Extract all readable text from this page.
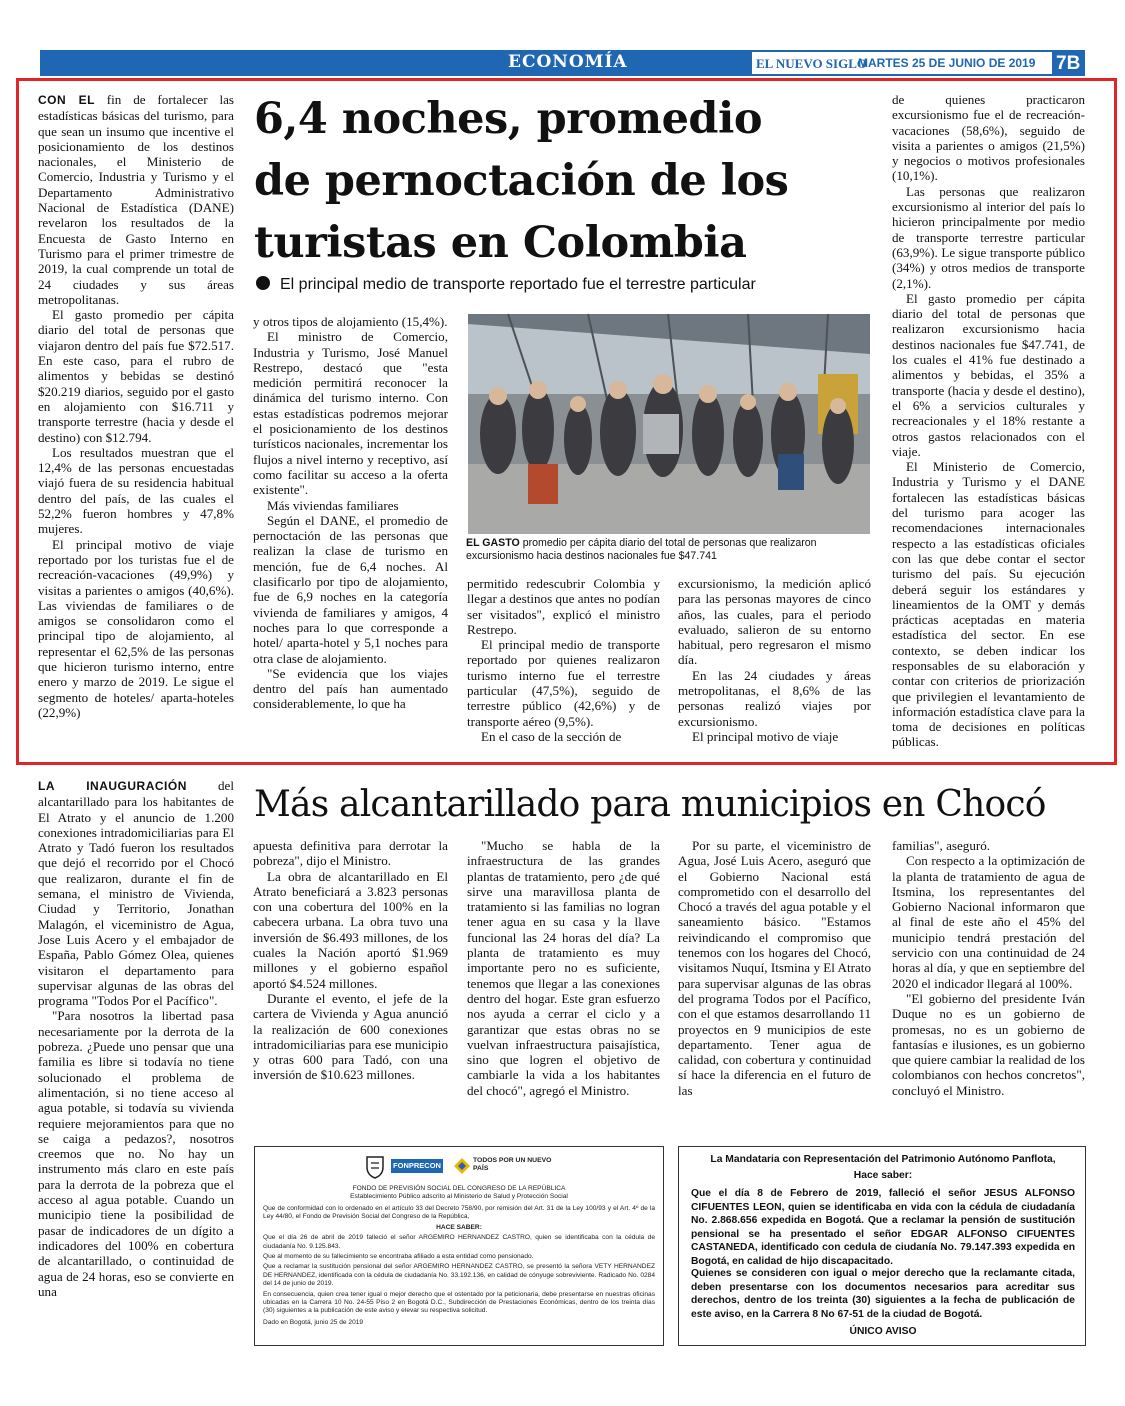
ECONOMÍA	EL NUEVO SIGLO
MARTES 25 DE JUNIO DE 2019 7B
6,4 noches, promedio
de pernoctación de los
turistas en Colombia
El principal medio de transporte reportado fue el terrestre particular

CON EL fin de fortalecer las estadísticas básicas del turismo, para que sean un insumo que incentive el posicionamiento de los destinos nacionales, el Ministerio de Comercio, Industria y Turismo y el Departamento Administrativo Nacional de Estadística (DANE) revelaron los resultados de la Encuesta de Gasto Interno en Turismo para el primer trimestre de 2019, la cual comprende un total de 24 ciudades y sus áreas metropolitanas.

El gasto promedio per cápita diario del total de personas que viajaron dentro del país fue $72.517. En este caso, para el rubro de alimentos y bebidas se destinó $20.219 diarios, seguido por el gasto en alojamiento con $16.711 y transporte terrestre (hacia y desde el destino) con $12.794.

Los resultados muestran que el 12,4% de las personas encuestadas viajó fuera de su residencia habitual dentro del país, de las cuales el 52,2% fueron hombres y 47,8% mujeres.

El principal motivo de viaje reportado por los turistas fue el de recreación-vacaciones (49,9%) y visitas a parientes o amigos (40,6%). Las viviendas de familiares o de amigos se consolidaron como el principal tipo de alojamiento, al representar el 62,5% de las personas que hicieron turismo interno, entre enero y marzo de 2019. Le sigue el segmento de hoteles/ aparta-hoteles (22,9%)

y otros tipos de alojamiento (15,4%).

El ministro de Comercio, Industria y Turismo, José Manuel Restrepo, destacó que "esta medición permitirá reconocer la dinámica del turismo interno. Con estas estadísticas podremos mejorar el posicionamiento de los destinos turísticos nacionales, incrementar los flujos a nivel interno y receptivo, así como facilitar su acceso a la oferta existente".

Más viviendas familiares

Según el DANE, el promedio de pernoctación de las personas que realizan la clase de turismo en mención, fue de 6,4 noches. Al clasificarlo por tipo de alojamiento, fue de 6,9 noches en la categoría vivienda de familiares y amigos, 4 noches para lo que corresponde a hotel/ aparta-hotel y 5,1 noches para otra clase de alojamiento.

"Se evidencia que los viajes dentro del país han aumentado considerablemente, lo que ha

EL GASTO promedio per cápita diario del total de personas que realizaron excursionismo hacia destinos nacionales fue $47.741

permitido redescubrir Colombia y llegar a destinos que antes no podían ser visitados", explicó el ministro Restrepo.

El principal medio de transporte reportado por quienes realizaron turismo interno fue el terrestre particular (47,5%), seguido de terrestre público (42,6%) y de transporte aéreo (9,5%).

En el caso de la sección de

excursionismo, la medición aplicó para las personas mayores de cinco años, las cuales, para el periodo evaluado, salieron de su entorno habitual, pero regresaron el mismo día.

En las 24 ciudades y áreas metropolitanas, el 8,6% de las personas realizó viajes por excursionismo.

El principal motivo de viaje

de quienes practicaron excursionismo fue el de recreación-vacaciones (58,6%), seguido de visita a parientes o amigos (21,5%) y negocios o motivos profesionales (10,1%).

Las personas que realizaron excursionismo al interior del país lo hicieron principalmente por medio de transporte terrestre particular (63,9%). Le sigue transporte público (34%) y otros medios de transporte (2,1%).

El gasto promedio per cápita diario del total de personas que realizaron excursionismo hacia destinos nacionales fue $47.741, de los cuales el 41% fue destinado a alimentos y bebidas, el 35% a transporte (hacia y desde el destino), el 6% a servicios culturales y recreacionales y el 18% restante a otros gastos relacionados con el viaje.

El Ministerio de Comercio, Industria y Turismo y el DANE fortalecen las estadísticas básicas del turismo para acoger las recomendaciones internacionales respecto a las estadísticas oficiales con las que debe contar el sector turismo del país. Su ejecución deberá seguir los estándares y lineamientos de la OMT y demás prácticas aceptadas en materia estadística del sector. En ese contexto, se deben indicar los responsables de su elaboración y contar con criterios de priorización que privilegien el levantamiento de información estadística clave para la toma de decisiones en políticas públicas.

Más alcantarillado para municipios en Chocó

LA INAUGURACIÓN del alcantarillado para los habitantes de El Atrato y el anuncio de 1.200 conexiones intradomiciliarias para El Atrato y Tadó fueron los resultados que dejó el recorrido por el Chocó que realizaron, durante el fin de semana, el ministro de Vivienda, Ciudad y Territorio, Jonathan Malagón, el viceministro de Agua, Jose Luis Acero y el embajador de España, Pablo Gómez Olea, quienes visitaron el departamento para supervisar algunas de las obras del programa "Todos Por el Pacífico".

"Para nosotros la libertad pasa necesariamente por la derrota de la pobreza. ¿Puede uno pensar que una familia es libre si todavía no tiene solucionado el problema de alimentación, si no tiene acceso al agua potable, si todavía su vivienda requiere mejoramientos para que no se caiga a pedazos?, nosotros creemos que no. No hay un instrumento más claro en este país para la derrota de la pobreza que el acceso al agua potable. Cuando un municipio tiene la posibilidad de pasar de indicadores de un dígito a indicadores del 100% en cobertura de alcantarillado, o continuidad de agua de 24 horas, eso se convierte en una

apuesta definitiva para derrotar la pobreza", dijo el Ministro.

La obra de alcantarillado en El Atrato beneficiará a 3.823 personas con una cobertura del 100% en la cabecera urbana. La obra tuvo una inversión de $6.493 millones, de los cuales la Nación aportó $1.969 millones y el gobierno español aportó $4.524 millones.

Durante el evento, el jefe de la cartera de Vivienda y Agua anunció la realización de 600 conexiones intradomiciliarias para ese municipio y otras 600 para Tadó, con una inversión de $10.623 millones.

"Mucho se habla de la infraestructura de las grandes plantas de tratamiento, pero ¿de qué sirve una maravillosa planta de tratamiento si las familias no logran tener agua en su casa y la llave funcional las 24 horas del día? La planta de tratamiento es muy importante pero no es suficiente, tenemos que llegar a las conexiones dentro del hogar. Este gran esfuerzo nos ayuda a cerrar el ciclo y a garantizar que estas obras no se vuelvan infraestructura paisajística, sino que logren el objetivo de cambiarle la vida a los habitantes del chocó", agregó el Ministro.

Por su parte, el viceministro de Agua, José Luis Acero, aseguró que el Gobierno Nacional está comprometido con el desarrollo del Chocó a través del agua potable y el saneamiento básico. "Estamos reivindicando el compromiso que tenemos con los hogares del Chocó, visitamos Nuquí, Itsmina y El Atrato para supervisar algunas de las obras del programa Todos por el Pacífico, con el que estamos desarrollando 11 proyectos en 9 municipios de este departamento. Tener agua de calidad, con cobertura y continuidad sí hace la diferencia en el futuro de las

familias", aseguró.

Con respecto a la optimización de la planta de tratamiento de agua de Itsmina, los representantes del Gobierno Nacional informaron que al final de este año el 45% del municipio tendrá prestación del servicio con una continuidad de 24 horas al día, y que en septiembre del 2020 el indicador llegará al 100%.

"El gobierno del presidente Iván Duque no es un gobierno de promesas, no es un gobierno de fantasías e ilusiones, es un gobierno que quiere cambiar la realidad de los colombianos con hechos concretos", concluyó el Ministro.

FONPRECON
TODOS POR UN NUEVO PAÍS
FONDO DE PREVISIÓN SOCIAL DEL CONGRESO DE LA REPÚBLICA
Establecimiento Público adscrito al Ministerio de Salud y Protección Social
Que de conformidad con lo ordenado en el artículo 33 del Decreto 758/90, por remisión del Art. 31 de la Ley 100/93 y el Art. 4º de la Ley 44/80, el Fondo de Previsión Social del Congreso de la República,
HACE SABER:
Que el día 26 de abril de 2019 falleció el señor ARGEMIRO HERNANDEZ CASTRO, quien se identificaba con la cédula de ciudadanía No. 9.125.843.
Que al momento de su fallecimiento se encontraba afiliado a esta entidad como pensionado.
Que a reclamar la sustitución pensional del señor ARGEMIRO HERNANDEZ CASTRO, se presentó la señora VETY HERNANDEZ DE HERNANDEZ, identificada con la cédula de ciudadanía No. 33.192.136, en calidad de cónyuge sobreviviente. Radicado No. 0284 del 14 de junio de 2019.
En consecuencia, quien crea tener igual o mejor derecho que el ostentado por la peticionaria, debe presentarse en nuestras oficinas ubicadas en la Carrera 10 No. 24-55 Piso 2 en Bogotá D.C., Subdirección de Prestaciones Económicas, dentro de los treinta días (30) siguientes a la publicación de este aviso y elevar su respectiva solicitud.
Dado en Bogotá, junio 25 de 2019
La Mandataria con Representación del Patrimonio Autónomo Panflota,
Hace saber:
Que el día 8 de Febrero de 2019, falleció el señor JESUS ALFONSO CIFUENTES LEON, quien se identificaba en vida con la cédula de ciudadanía No. 2.868.656 expedida en Bogotá. Que a reclamar la pensión de sustitución pensional se ha presentado el señor EDGAR ALFONSO CIFUENTES CASTANEDA, identificado con cedula de ciudanía No. 79.147.393 expedida en Bogotá, en calidad de hijo discapacitado.
Quienes se consideren con igual o mejor derecho que la reclamante citada, deben presentarse con los documentos necesarios para acreditar sus derechos, dentro de los treinta (30) siguientes a la fecha de publicación de este aviso, en la Carrera 8 No 67-51 de la ciudad de Bogotá.
ÚNICO AVISO
